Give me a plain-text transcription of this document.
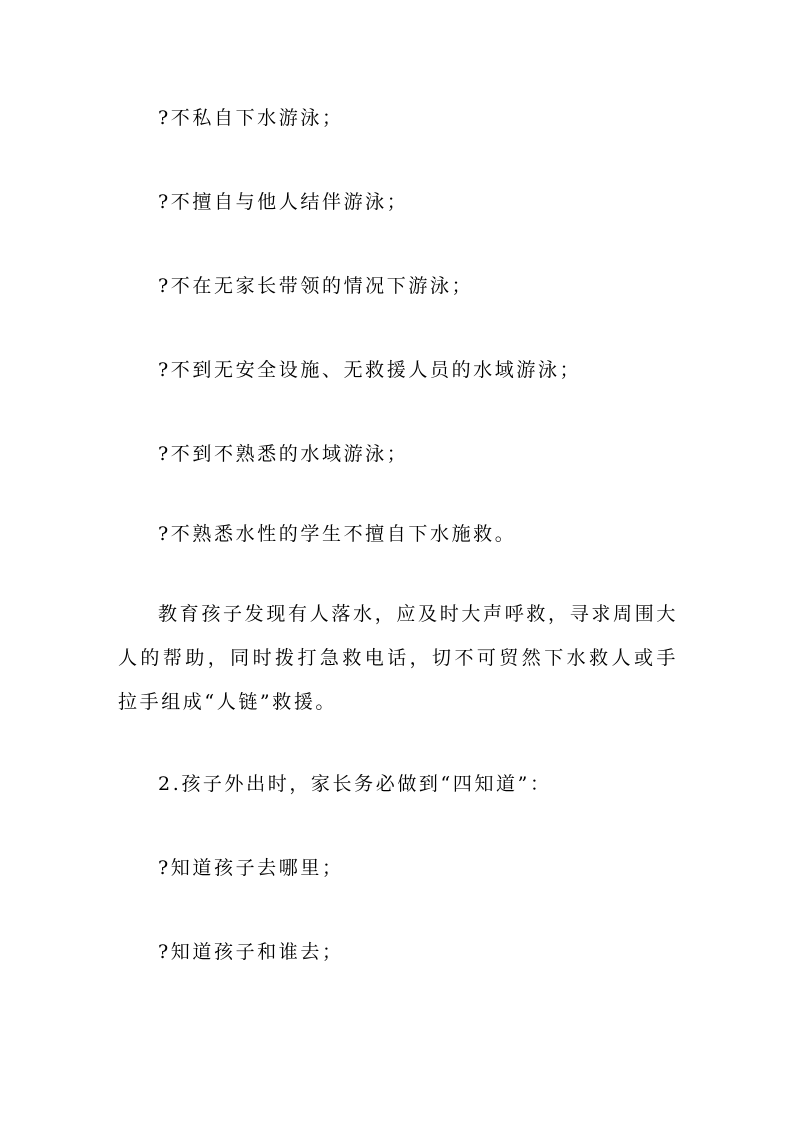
?不私自下水游泳；
?不擅自与他人结伴游泳；
?不在无家长带领的情况下游泳；
?不到无安全设施、无救援人员的水域游泳；
?不到不熟悉的水域游泳；
?不熟悉水性的学生不擅自下水施救。
教育孩子发现有人落水，应及时大声呼救，寻求周围大人的帮助，同时拨打急救电话，切不可贸然下水救人或手拉手组成“人链”救援。
2.孩子外出时，家长务必做到“四知道”：
?知道孩子去哪里；
?知道孩子和谁去；
